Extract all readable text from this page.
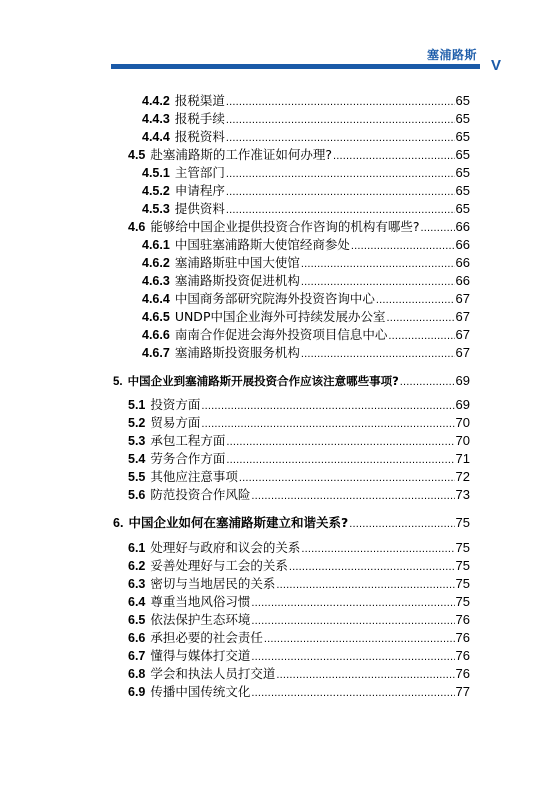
塞浦路斯
V
4.4.2 报税渠道 .....	65
4.4.3 报税手续 .....	65
4.4.4 报税资料 .....	65
4.5 赴塞浦路斯的工作准证如何办理? .....	65
4.5.1 主管部门 .....	65
4.5.2 申请程序 .....	65
4.5.3 提供资料 .....	65
4.6 能够给中国企业提供投资合作咨询的机构有哪些? .....	66
4.6.1 中国驻塞浦路斯大使馆经商参处 .....	66
4.6.2 塞浦路斯驻中国大使馆 .....	66
4.6.3 塞浦路斯投资促进机构 .....	66
4.6.4 中国商务部研究院海外投资咨询中心 .....	67
4.6.5 UNDP中国企业海外可持续发展办公室 .....	67
4.6.6 南南合作促进会海外投资项目信息中心 .....	67
4.6.7 塞浦路斯投资服务机构 .....	67
5. 中国企业到塞浦路斯开展投资合作应该注意哪些事项? .....	69
5.1 投资方面 .....	69
5.2 贸易方面 .....	70
5.3 承包工程方面 .....	70
5.4 劳务合作方面 .....	71
5.5 其他应注意事项 .....	72
5.6 防范投资合作风险 .....	73
6. 中国企业如何在塞浦路斯建立和谐关系? .....	75
6.1 处理好与政府和议会的关系 .....	75
6.2 妥善处理好与工会的关系 .....	75
6.3 密切与当地居民的关系 .....	75
6.4 尊重当地风俗习惯 .....	75
6.5 依法保护生态环境 .....	76
6.6 承担必要的社会责任 .....	76
6.7 懂得与媒体打交道 .....	76
6.8 学会和执法人员打交道 .....	76
6.9 传播中国传统文化 .....	77
